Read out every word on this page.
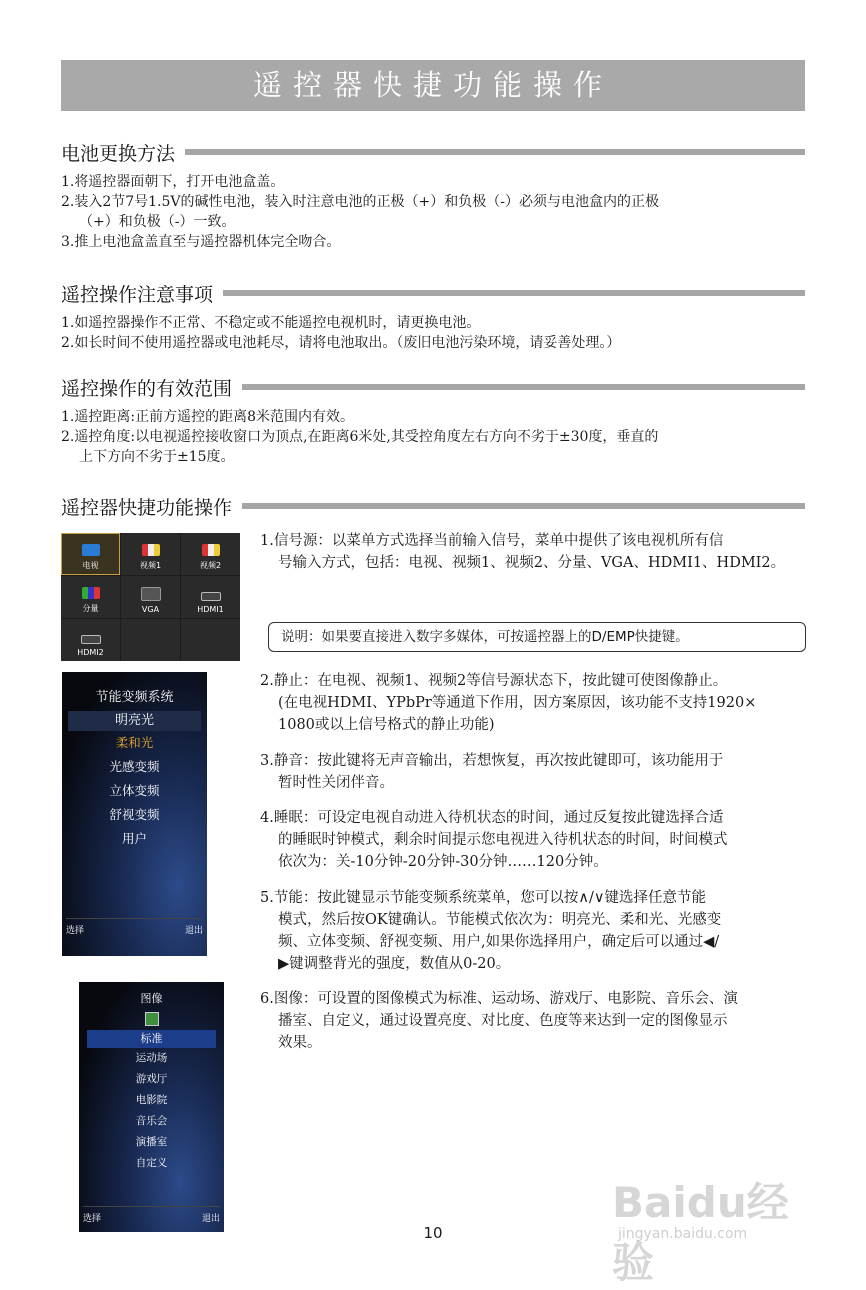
遥控器快捷功能操作
电池更换方法
1.将遥控器面朝下，打开电池盒盖。
2.装入2节7号1.5V的碱性电池，装入时注意电池的正极（+）和负极（-）必须与电池盒内的正极
（+）和负极（-）一致。
3.推上电池盒盖直至与遥控器机体完全吻合。
遥控操作注意事项
1.如遥控器操作不正常、不稳定或不能遥控电视机时，请更换电池。
2.如长时间不使用遥控器或电池耗尽，请将电池取出。（废旧电池污染环境，请妥善处理。）
遥控操作的有效范围
1.遥控距离:正前方遥控的距离8米范围内有效。
2.遥控角度:以电视遥控接收窗口为顶点,在距离6米处,其受控角度左右方向不劣于±30度，垂直的
上下方向不劣于±15度。
遥控器快捷功能操作
电视	视频1	视频2
分量	VGA	HDMI1
HDMI2
节能变频系统
明亮光
柔和光
光感变频
立体变频
舒视变频
用户
选择	退出
图像
标准
运动场
游戏厅
电影院
音乐会
演播室
自定义
选择	退出
1.信号源：以菜单方式选择当前输入信号，菜单中提供了该电视机所有信
号输入方式，包括：电视、视频1、视频2、分量、VGA、HDMI1、HDMI2。
说明：如果要直接进入数字多媒体，可按遥控器上的D/EMP快捷键。
2.静止：在电视、视频1、视频2等信号源状态下，按此键可使图像静止。
(在电视HDMI、YPbPr等通道下作用，因方案原因，该功能不支持1920×
1080或以上信号格式的静止功能)
3.静音：按此键将无声音输出，若想恢复，再次按此键即可，该功能用于
暂时性关闭伴音。
4.睡眠：可设定电视自动进入待机状态的时间，通过反复按此键选择合适
的睡眠时钟模式，剩余时间提示您电视进入待机状态的时间，时间模式
依次为：关-10分钟-20分钟-30分钟……120分钟。
5.节能：按此键显示节能变频系统菜单，您可以按∧/∨键选择任意节能
模式，然后按OK键确认。节能模式依次为：明亮光、柔和光、光感变
频、立体变频、舒视变频、用户,如果你选择用户，确定后可以通过◀/
▶键调整背光的强度，数值从0-20。
6.图像：可设置的图像模式为标准、运动场、游戏厅、电影院、音乐会、演
播室、自定义，通过设置亮度、对比度、色度等来达到一定的图像显示
效果。
Baidu经验
jingyan.baidu.com
10
